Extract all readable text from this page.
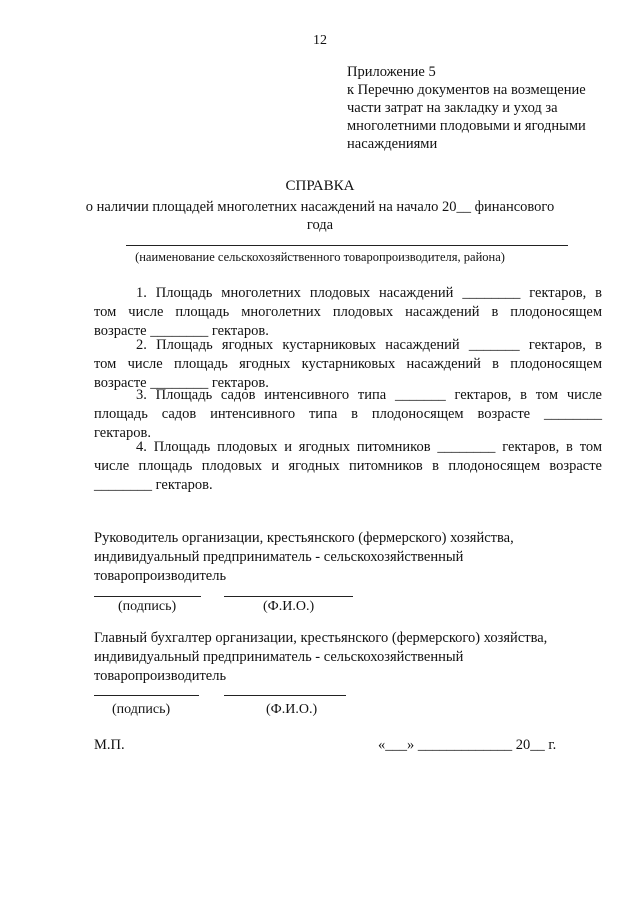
12
Приложение 5
к Перечню документов на возмещение
части затрат на закладку и уход за
многолетними плодовыми и ягодными
насаждениями
СПРАВКА
о наличии площадей многолетних насаждений на начало 20__ финансового
года
(наименование сельскохозяйственного товаропроизводителя, района)
1. Площадь многолетних плодовых насаждений ________ гектаров, в
том числе площадь многолетних плодовых насаждений в плодоносящем
возрасте ________ гектаров.
2. Площадь ягодных кустарниковых насаждений _______ гектаров, в
том числе площадь ягодных кустарниковых насаждений в плодоносящем
возрасте ________ гектаров.
3. Площадь садов интенсивного типа _______ гектаров, в том числе
площадь садов интенсивного типа в плодоносящем возрасте ________
гектаров.
4. Площадь плодовых и ягодных питомников ________ гектаров, в том
числе площадь плодовых и ягодных питомников в плодоносящем возрасте
________ гектаров.
Руководитель организации, крестьянского (фермерского) хозяйства,
индивидуальный предприниматель - сельскохозяйственный
товаропроизводитель
(подпись)	(Ф.И.О.)
Главный бухгалтер организации, крестьянского (фермерского) хозяйства,
индивидуальный предприниматель - сельскохозяйственный
товаропроизводитель
(подпись)	(Ф.И.О.)
М.П.	«___» _____________ 20__ г.
